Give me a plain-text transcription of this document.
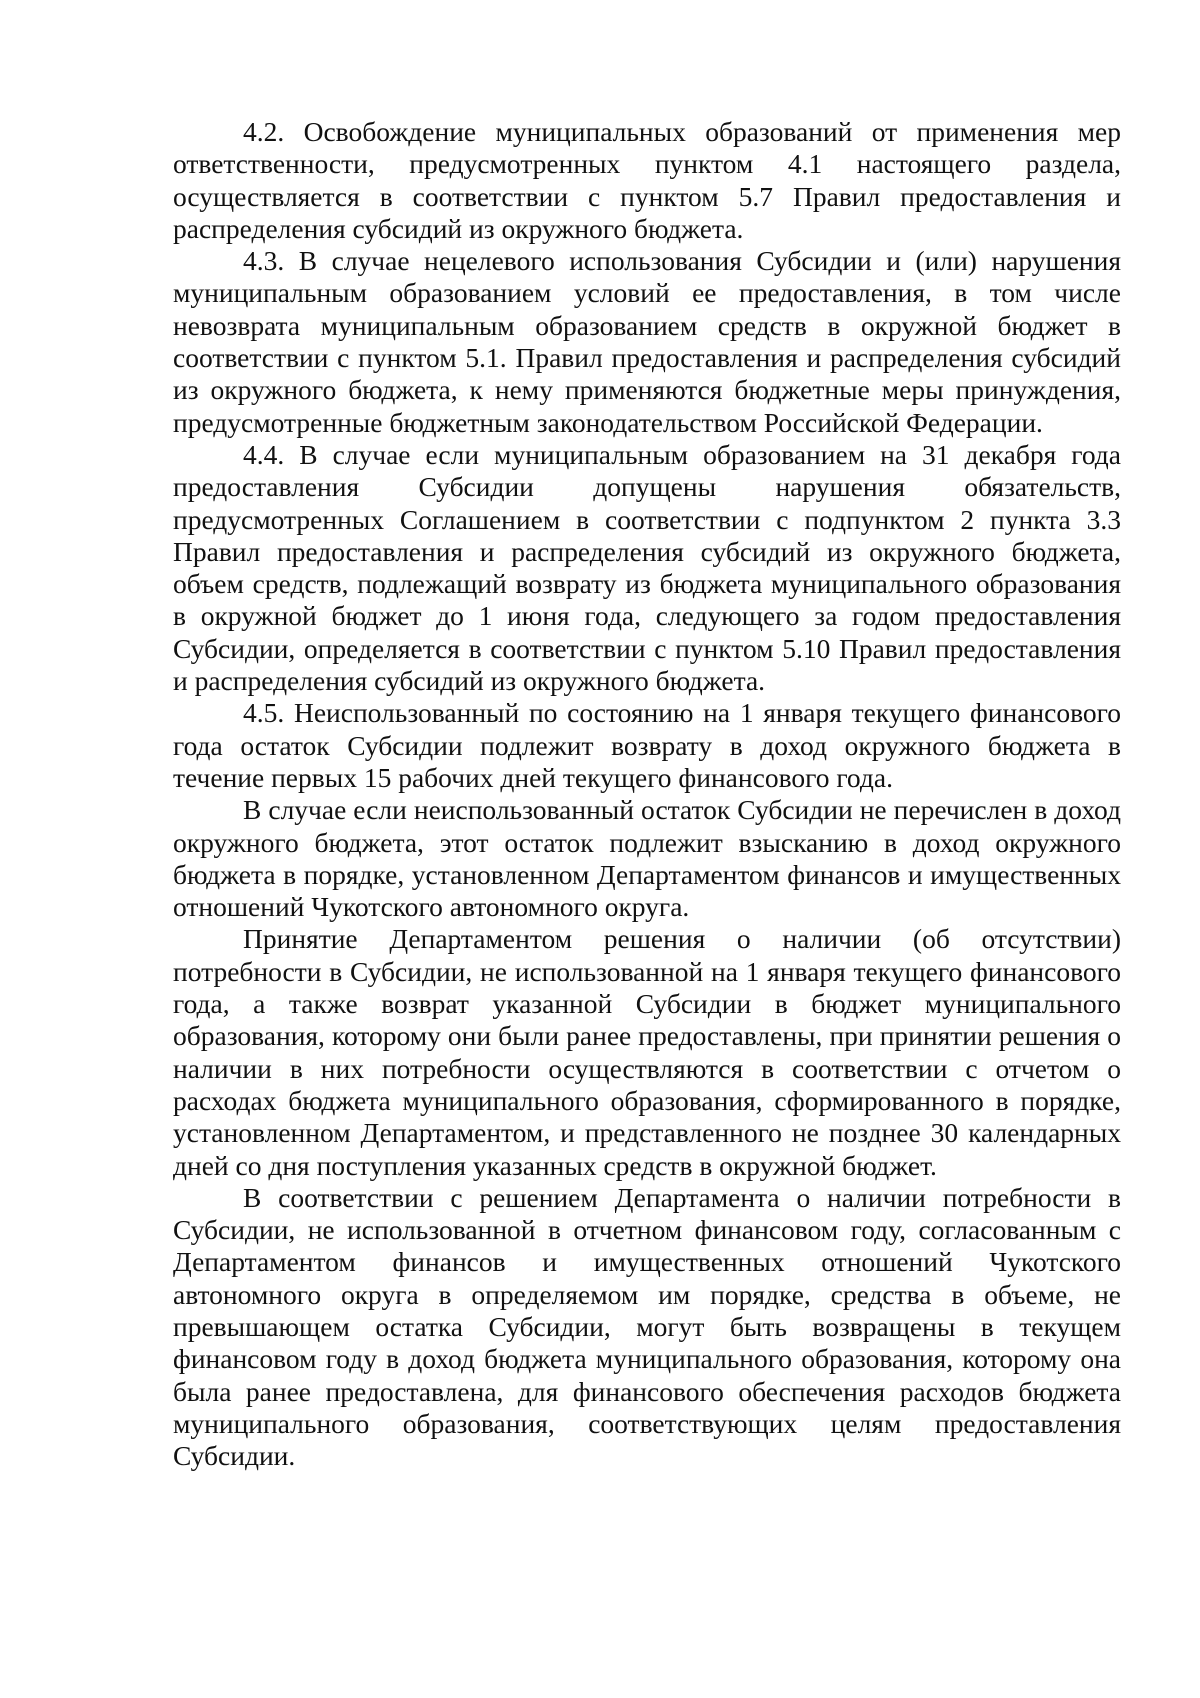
4.2. Освобождение муниципальных образований от применения мер ответственности, предусмотренных пунктом 4.1 настоящего раздела, осуществляется в соответствии с пунктом 5.7 Правил предоставления и распределения субсидий из окружного бюджета.

4.3. В случае нецелевого использования Субсидии и (или) нарушения муниципальным образованием условий ее предоставления, в том числе невозврата муниципальным образованием средств в окружной бюджет в соответствии с пунктом 5.1. Правил предоставления и распределения субсидий из окружного бюджета, к нему применяются бюджетные меры принуждения, предусмотренные бюджетным законодательством Российской Федерации.

4.4. В случае если муниципальным образованием на 31 декабря года предоставления Субсидии допущены нарушения обязательств, предусмотренных Соглашением в соответствии с подпунктом 2 пункта 3.3 Правил предоставления и распределения субсидий из окружного бюджета, объем средств, подлежащий возврату из бюджета муниципального образования в окружной бюджет до 1 июня года, следующего за годом предоставления Субсидии, определяется в соответствии с пунктом 5.10 Правил предоставления и распределения субсидий из окружного бюджета.

4.5. Неиспользованный по состоянию на 1 января текущего финансового года остаток Субсидии подлежит возврату в доход окружного бюджета в течение первых 15 рабочих дней текущего финансового года.

В случае если неиспользованный остаток Субсидии не перечислен в доход окружного бюджета, этот остаток подлежит взысканию в доход окружного бюджета в порядке, установленном Департаментом финансов и имущественных отношений Чукотского автономного округа.

Принятие Департаментом решения о наличии (об отсутствии) потребности в Субсидии, не использованной на 1 января текущего финансового года, а также возврат указанной Субсидии в бюджет муниципального образования, которому они были ранее предоставлены, при принятии решения о наличии в них потребности осуществляются в соответствии с отчетом о расходах бюджета муниципального образования, сформированного в порядке, установленном Департаментом, и представленного не позднее 30 календарных дней со дня поступления указанных средств в окружной бюджет.

В соответствии с решением Департамента о наличии потребности в Субсидии, не использованной в отчетном финансовом году, согласованным с Департаментом финансов и имущественных отношений Чукотского автономного округа в определяемом им порядке, средства в объеме, не превышающем остатка Субсидии, могут быть возвращены в текущем финансовом году в доход бюджета муниципального образования, которому она была ранее предоставлена, для финансового обеспечения расходов бюджета муниципального образования, соответствующих целям предоставления Субсидии.
